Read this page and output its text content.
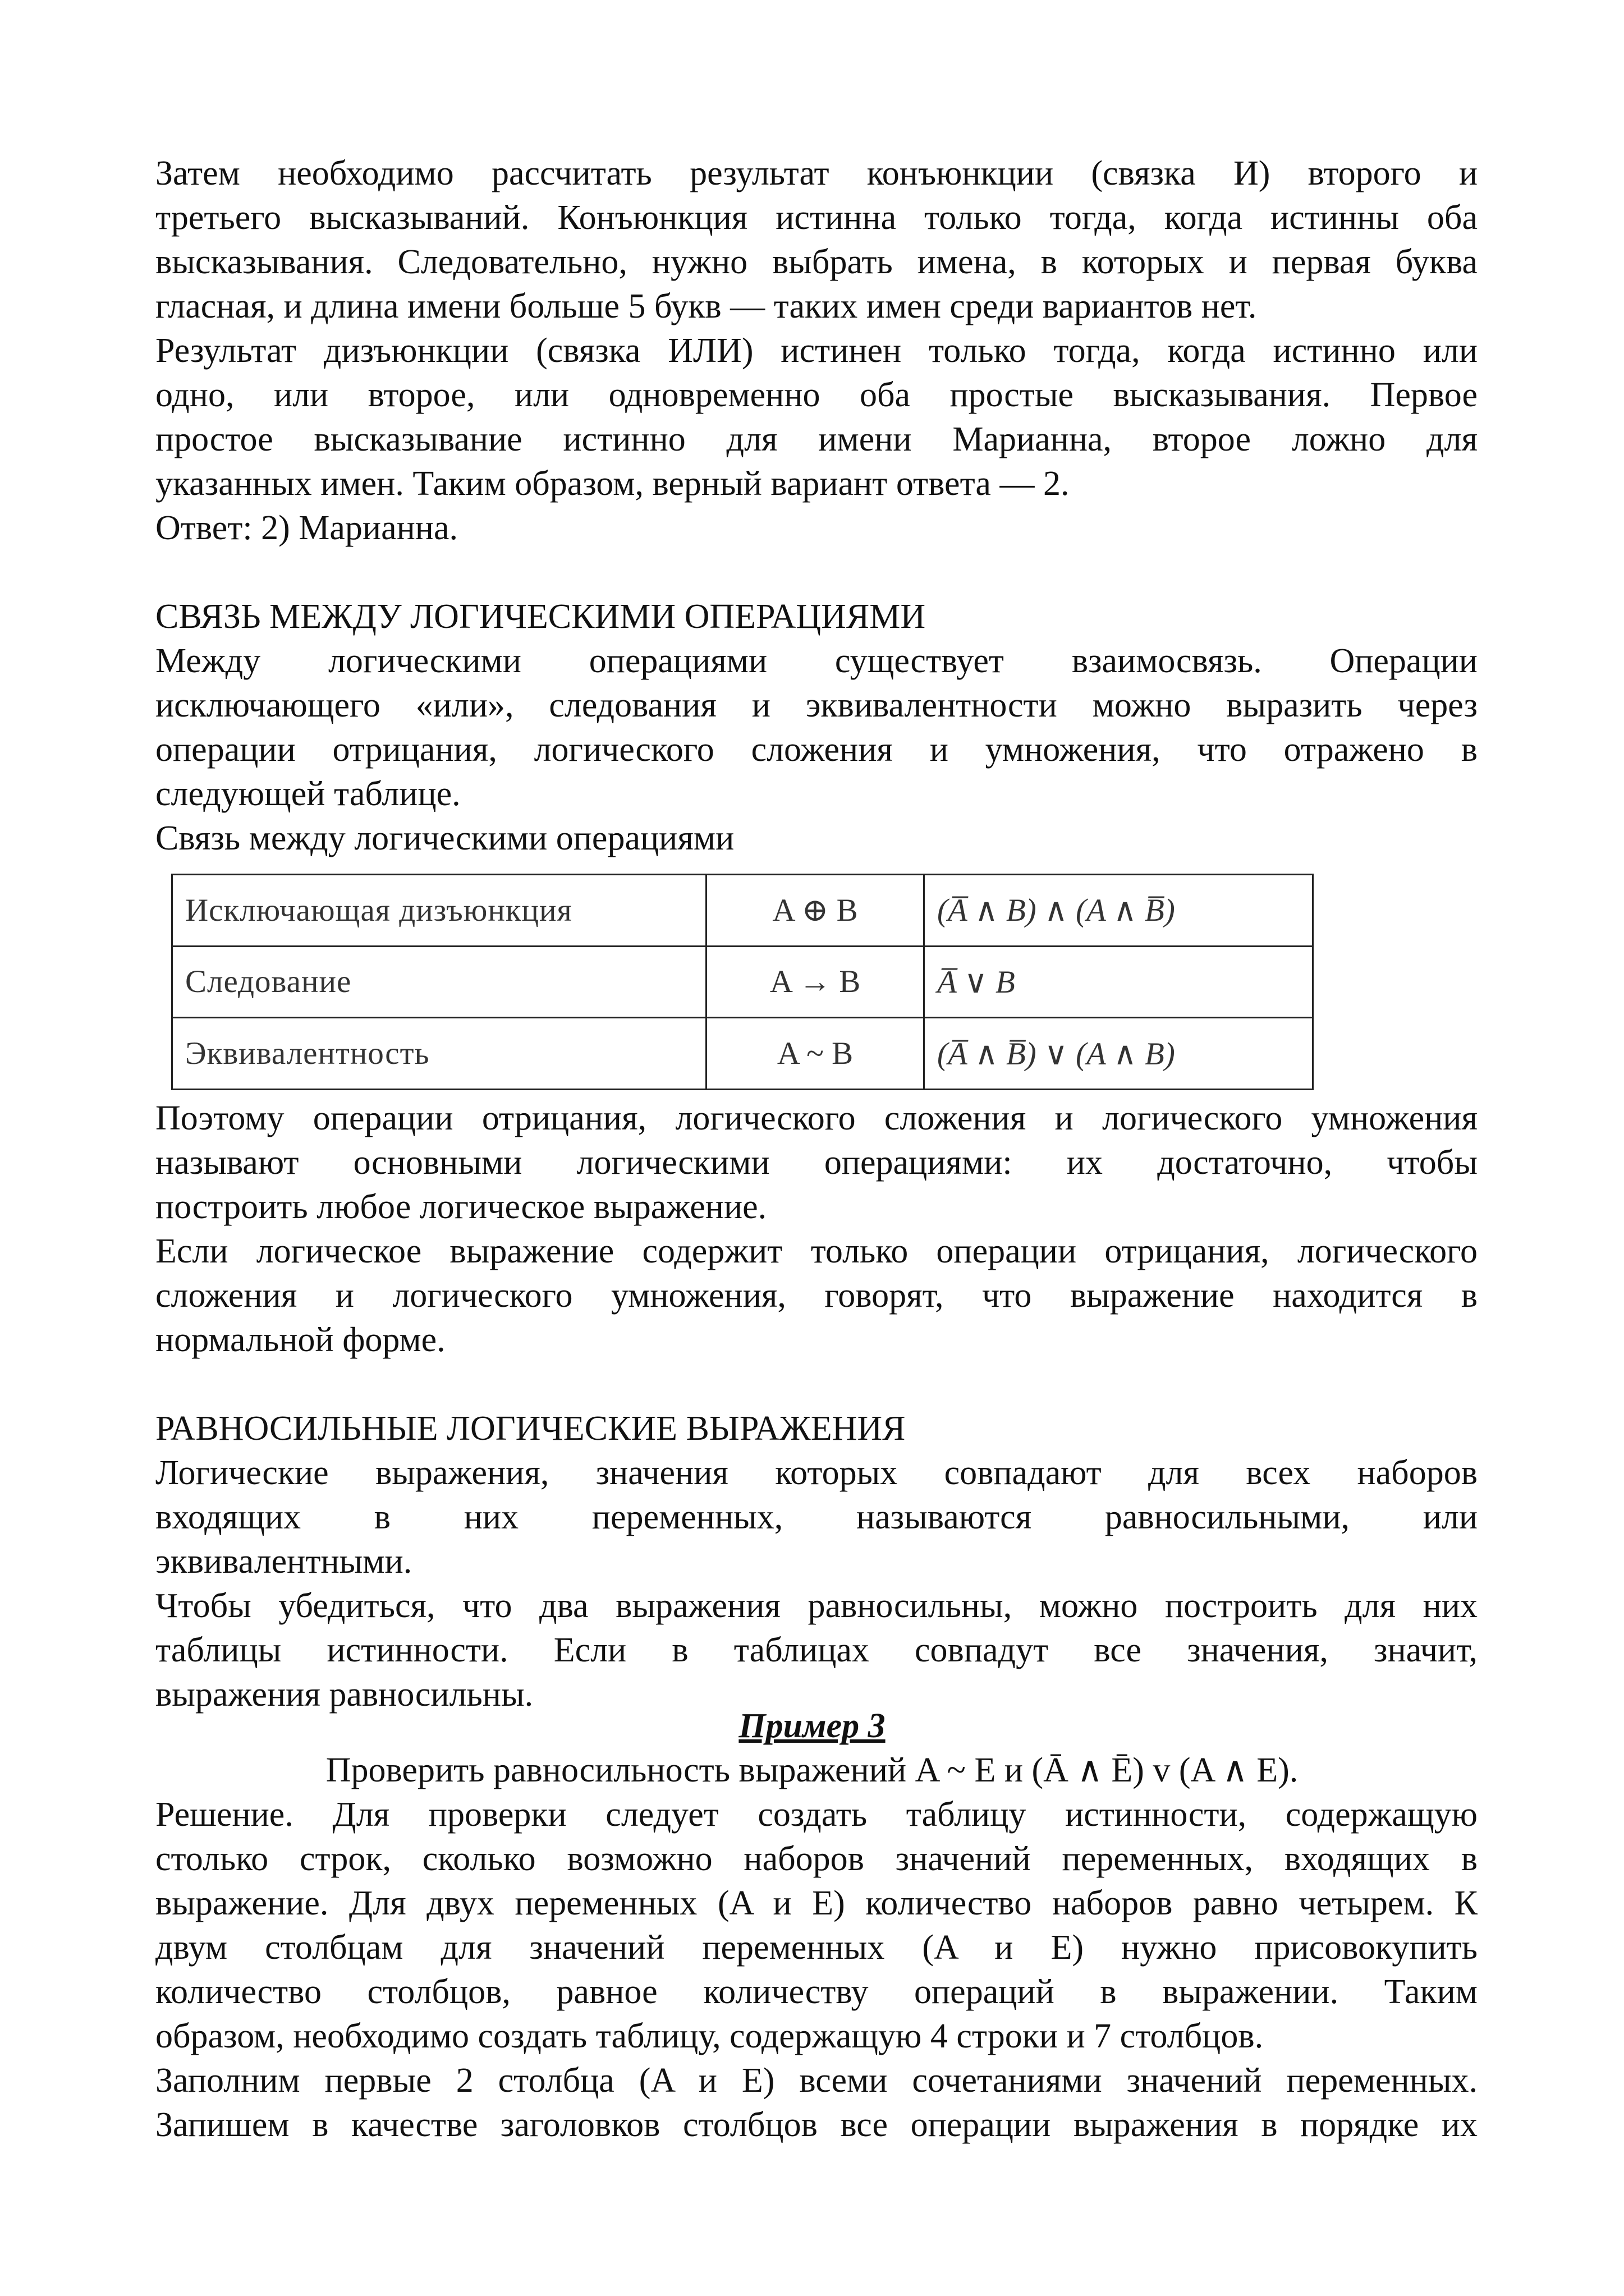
Затем необходимо рассчитать результат конъюнкции (связка И) второго и

третьего высказываний. Конъюнкция истинна только тогда, когда истинны оба

высказывания. Следовательно, нужно выбрать имена, в которых и первая буква

гласная, и длина имени больше 5 букв — таких имен среди вариантов нет.

Результат дизъюнкции (связка ИЛИ) истинен только тогда, когда истинно или

одно, или второе, или одновременно оба простые высказывания. Первое

простое высказывание истинно для имени Марианна, второе ложно для

указанных имен. Таким образом, верный вариант ответа — 2.

Ответ: 2) Марианна.

СВЯЗЬ МЕЖДУ ЛОГИЧЕСКИМИ ОПЕРАЦИЯМИ

Между логическими операциями существует взаимосвязь. Операции

исключающего «или», следования и эквивалентности можно выразить через

операции отрицания, логического сложения и умножения, что отражено в

следующей таблице.

Связь между логическими операциями
Исключающая дизъюнкция	A ⊕ B	(A̅ ∧ B) ∧ (A ∧ B̅)
Следование	A → B	A̅ ∨ B
Эквивалентность	A ~ B	(A̅ ∧ B̅) ∨ (A ∧ B)

Поэтому операции отрицания, логического сложения и логического умножения

называют основными логическими операциями: их достаточно, чтобы

построить любое логическое выражение.

Если логическое выражение содержит только операции отрицания, логического

сложения и логического умножения, говорят, что выражение находится в

нормальной форме.

РАВНОСИЛЬНЫЕ ЛОГИЧЕСКИЕ ВЫРАЖЕНИЯ

Логические выражения, значения которых совпадают для всех наборов

входящих в них переменных, называются равносильными, или

эквивалентными.

Чтобы убедиться, что два выражения равносильны, можно построить для них

таблицы истинности. Если в таблицах совпадут все значения, значит,

выражения равносильны.

Пример 3
Проверить равносильность выражений A ~ E и (Ā ∧ Ē) v (A ∧ E).

Решение. Для проверки следует создать таблицу истинности, содержащую

столько строк, сколько возможно наборов значений переменных, входящих в

выражение. Для двух переменных (A и E) количество наборов равно четырем. К

двум столбцам для значений переменных (A и E) нужно присовокупить

количество столбцов, равное количеству операций в выражении. Таким

образом, необходимо создать таблицу, содержащую 4 строки и 7 столбцов.

Заполним первые 2 столбца (A и E) всеми сочетаниями значений переменных.

Запишем в качестве заголовков столбцов все операции выражения в порядке их
